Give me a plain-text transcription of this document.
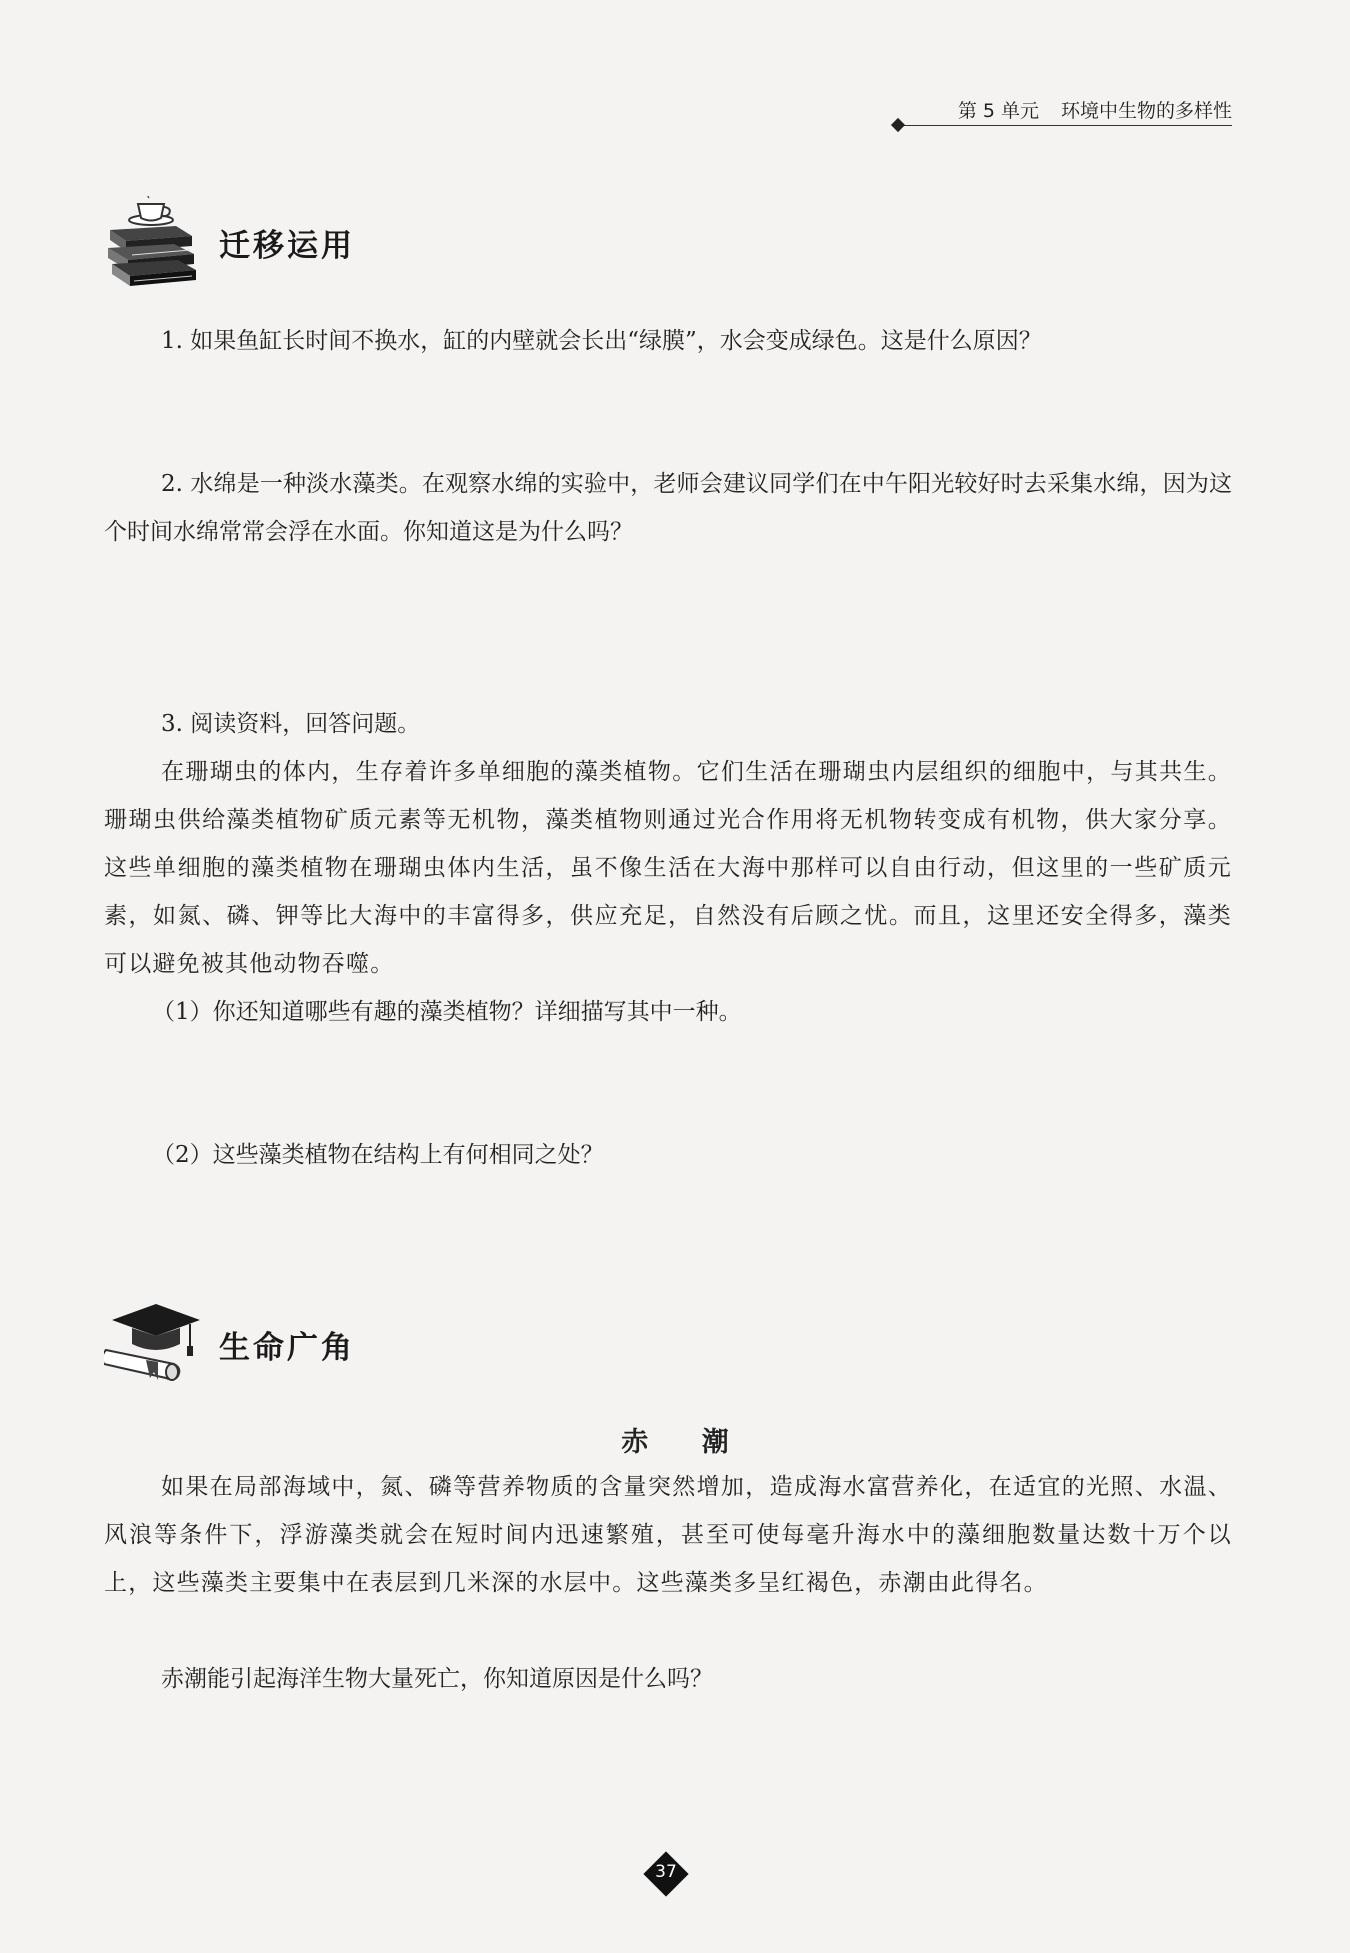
第 5 单元 环境中生物的多样性
迁移运用
1. 如果鱼缸长时间不换水，缸的内壁就会长出“绿膜”，水会变成绿色。这是什么原因？
2. 水绵是一种淡水藻类。在观察水绵的实验中，老师会建议同学们在中午阳光较好时去采集水绵，因为这个时间水绵常常会浮在水面。你知道这是为什么吗？
3. 阅读资料，回答问题。
在珊瑚虫的体内，生存着许多单细胞的藻类植物。它们生活在珊瑚虫内层组织的细胞中，与其共生。珊瑚虫供给藻类植物矿质元素等无机物，藻类植物则通过光合作用将无机物转变成有机物，供大家分享。这些单细胞的藻类植物在珊瑚虫体内生活，虽不像生活在大海中那样可以自由行动，但这里的一些矿质元素，如氮、磷、钾等比大海中的丰富得多，供应充足，自然没有后顾之忧。而且，这里还安全得多，藻类可以避免被其他动物吞噬。
（1）你还知道哪些有趣的藻类植物？详细描写其中一种。
（2）这些藻类植物在结构上有何相同之处？
生命广角
赤 潮
如果在局部海域中，氮、磷等营养物质的含量突然增加，造成海水富营养化，在适宜的光照、水温、风浪等条件下，浮游藻类就会在短时间内迅速繁殖，甚至可使每毫升海水中的藻细胞数量达数十万个以上，这些藻类主要集中在表层到几米深的水层中。这些藻类多呈红褐色，赤潮由此得名。
赤潮能引起海洋生物大量死亡，你知道原因是什么吗？
37
